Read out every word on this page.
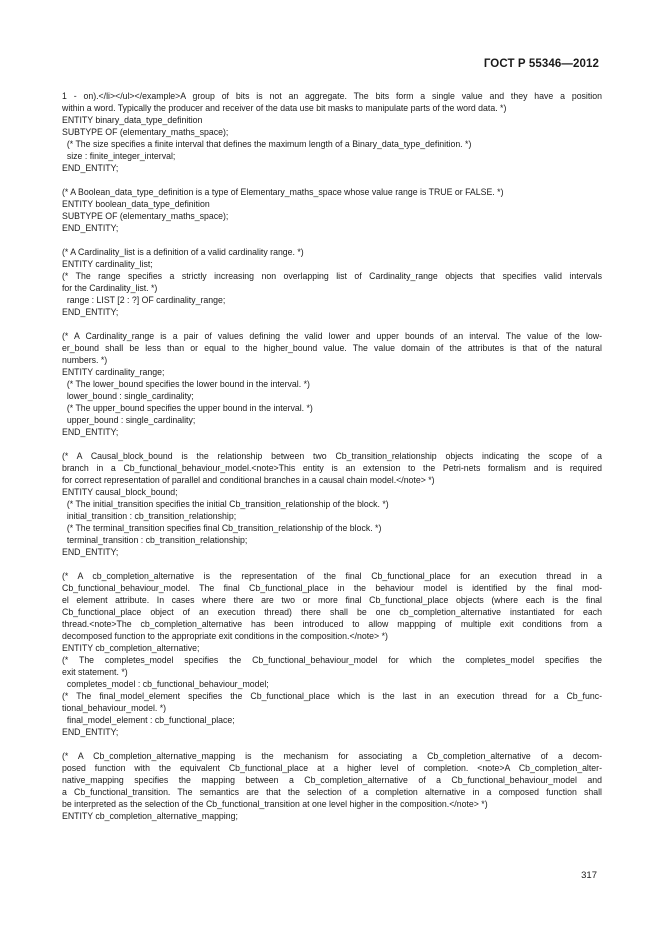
ГОСТ Р 55346—2012
1 - on).</li></ul></example>A group of bits is not an aggregate. The bits form a single value and they have a position
within a word. Typically the producer and receiver of the data use bit masks to manipulate parts of the word data. *)
ENTITY binary_data_type_definition
SUBTYPE OF (elementary_maths_space);
(* The size specifies a finite interval that defines the maximum length of a Binary_data_type_definition. *)
size : finite_integer_interval;
END_ENTITY;
(* A Boolean_data_type_definition is a type of Elementary_maths_space whose value range is TRUE or FALSE. *)
ENTITY boolean_data_type_definition
SUBTYPE OF (elementary_maths_space);
END_ENTITY;
(* A Cardinality_list is a definition of a valid cardinality range. *)
ENTITY cardinality_list;
(* The range specifies a strictly increasing non overlapping list of Cardinality_range objects that specifies valid intervals
for the Cardinality_list. *)
range : LIST [2 : ?] OF cardinality_range;
END_ENTITY;
(* A Cardinality_range is a pair of values defining the valid lower and upper bounds of an interval. The value of the low-
er_bound shall be less than or equal to the higher_bound value. The value domain of the attributes is that of the natural
numbers. *)
ENTITY cardinality_range;
(* The lower_bound specifies the lower bound in the interval. *)
lower_bound : single_cardinality;
(* The upper_bound specifies the upper bound in the interval. *)
upper_bound : single_cardinality;
END_ENTITY;
(* A Causal_block_bound is the relationship between two Cb_transition_relationship objects indicating the scope of a
branch in a Cb_functional_behaviour_model.<note>This entity is an extension to the Petri-nets formalism and is required
for correct representation of parallel and conditional branches in a causal chain model.</note> *)
ENTITY causal_block_bound;
(* The initial_transition specifies the initial Cb_transition_relationship of the block. *)
initial_transition : cb_transition_relationship;
(* The terminal_transition specifies final Cb_transition_relationship of the block. *)
terminal_transition : cb_transition_relationship;
END_ENTITY;
(* A cb_completion_alternative is the representation of the final Cb_functional_place for an execution thread in a
Cb_functional_behaviour_model. The final Cb_functional_place in the behaviour model is identified by the final mod-
el element attribute. In cases where there are two or more final Cb_functional_place objects (where each is the final
Cb_functional_place object of an execution thread) there shall be one cb_completion_alternative instantiated for each
thread.<note>The cb_completion_alternative has been introduced to allow mappping of multiple exit conditions from a
decomposed function to the appropriate exit conditions in the composition.</note> *)
ENTITY cb_completion_alternative;
(* The completes_model specifies the Cb_functional_behaviour_model for which the completes_model specifies the
exit statement. *)
completes_model : cb_functional_behaviour_model;
(* The final_model_element specifies the Cb_functional_place which is the last in an execution thread for a Cb_func-
tional_behaviour_model. *)
final_model_element : cb_functional_place;
END_ENTITY;
(* A Cb_completion_alternative_mapping is the mechanism for associating a Cb_completion_alternative of a decom-
posed function with the equivalent Cb_functional_place at a higher level of completion. <note>A Cb_completion_alter-
native_mapping specifies the mapping between a Cb_completion_alternative of a Cb_functional_behaviour_model and
a Cb_functional_transition. The semantics are that the selection of a completion alternative in a composed function shall
be interpreted as the selection of the Cb_functional_transition at one level higher in the composition.</note> *)
ENTITY cb_completion_alternative_mapping;
317
